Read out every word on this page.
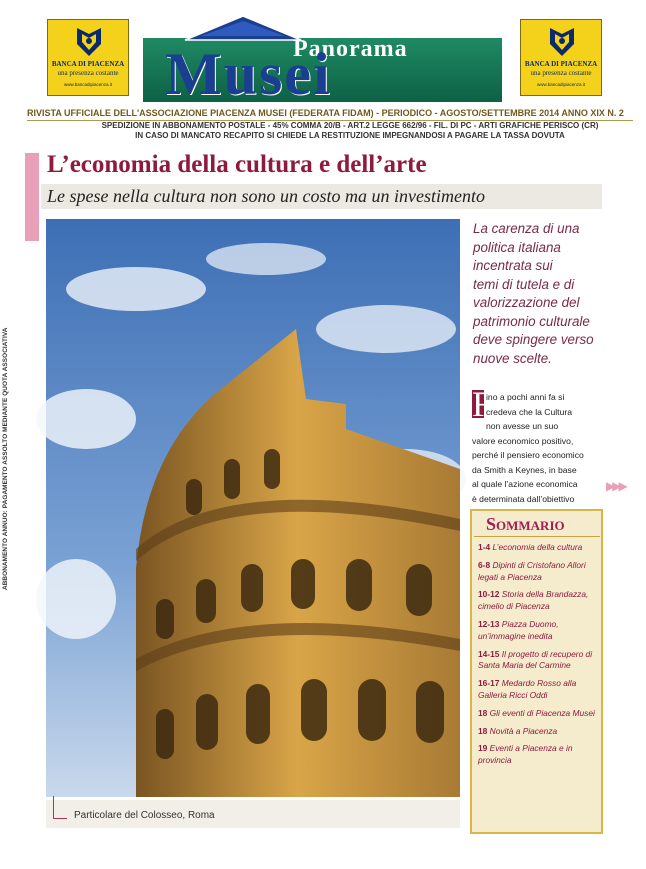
ABBONAMENTO ANNUO: PAGAMENTO ASSOLTO MEDIANTE QUOTA ASSOCIATIVA
BANCA DI PIACENZA
una presenza costante
www.bancadipiacenza.it
BANCA DI PIACENZA
una presenza costante
www.bancadipiacenza.it
Panorama
Musei
RIVISTA UFFICIALE DELL'ASSOCIAZIONE PIACENZA MUSEI (FEDERATA FIDAM) - PERIODICO - AGOSTO/SETTEMBRE 2014 ANNO XIX N. 2
SPEDIZIONE IN ABBONAMENTO POSTALE - 45% COMMA 20/B - ART.2 LEGGE 662/96 - FIL. DI PC - ARTI GRAFICHE PERISCO (CR)
IN CASO DI MANCATO RECAPITO SI CHIEDE LA RESTITUZIONE IMPEGNANDOSI A PAGARE LA TASSA DOVUTA
L’economia della cultura e dell’arte
Le spese nella cultura non sono un costo ma un investimento
Particolare del Colosseo, Roma
La carenza di una
politica italiana
incentrata sui
temi di tutela e di
valorizzazione del
patrimonio culturale
deve spingere verso
nuove scelte.
F
ino a pochi anni fa si
credeva che la Cultura
non avesse un suo
valore economico positivo,
perché il pensiero economico
da Smith a Keynes, in base
al quale l’azione economica
è determinata dall’obiettivo
▶▶▶
Sommario
1-4 L’economia della cultura
6-8 Dipinti di Cristofano Allori legati a Piacenza
10-12 Storia della Brandazza, cimelio di Piacenza
12-13 Piazza Duomo, un’immagine inedita
14-15 Il progetto di recupero di Santa Maria del Carmine
16-17 Medardo Rosso alla Galleria Ricci Oddi
18 Gli eventi di Piacenza Musei
18 Novità a Piacenza
19 Eventi a Piacenza e in provincia
